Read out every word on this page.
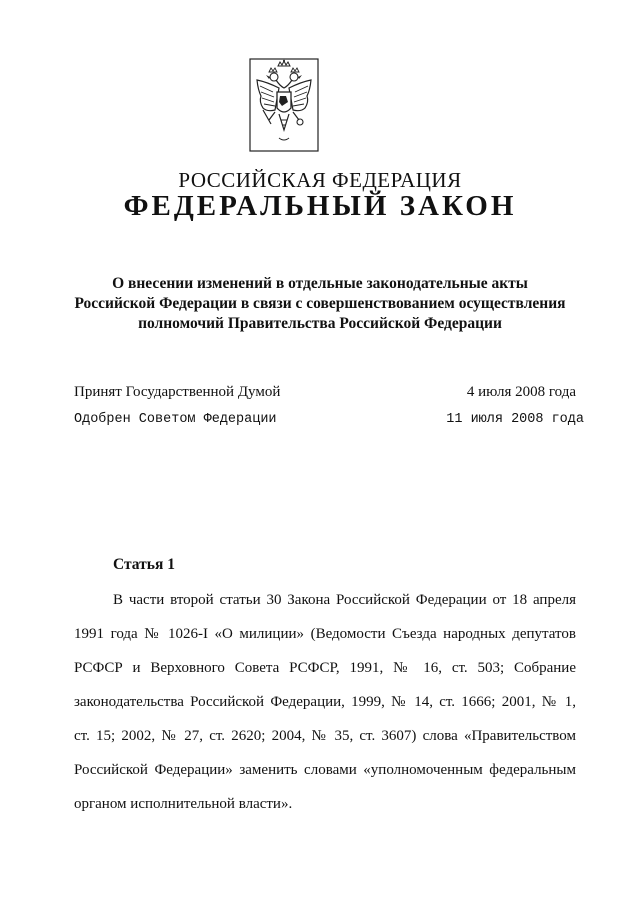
РОССИЙСКАЯ ФЕДЕРАЦИЯ
ФЕДЕРАЛЬНЫЙ ЗАКОН
О внесении изменений в отдельные законодательные акты
Российской Федерации в связи с совершенствованием осуществления
полномочий Правительства Российской Федерации
Принят Государственной Думой	4 июля 2008 года
Одобрен Советом Федерации	11 июля 2008 года
Статья 1
В части второй статьи 30 Закона Российской Федерации от 18 апреля
1991 года № 1026-I «О милиции» (Ведомости Съезда народных депутатов
РСФСР и Верховного Совета РСФСР, 1991, № 16, ст. 503; Собрание
законодательства Российской Федерации, 1999, № 14, ст. 1666; 2001, № 1,
ст. 15; 2002, № 27, ст. 2620; 2004, № 35, ст. 3607) слова «Правительством
Российской Федерации» заменить словами «уполномоченным федеральным
органом исполнительной власти».
